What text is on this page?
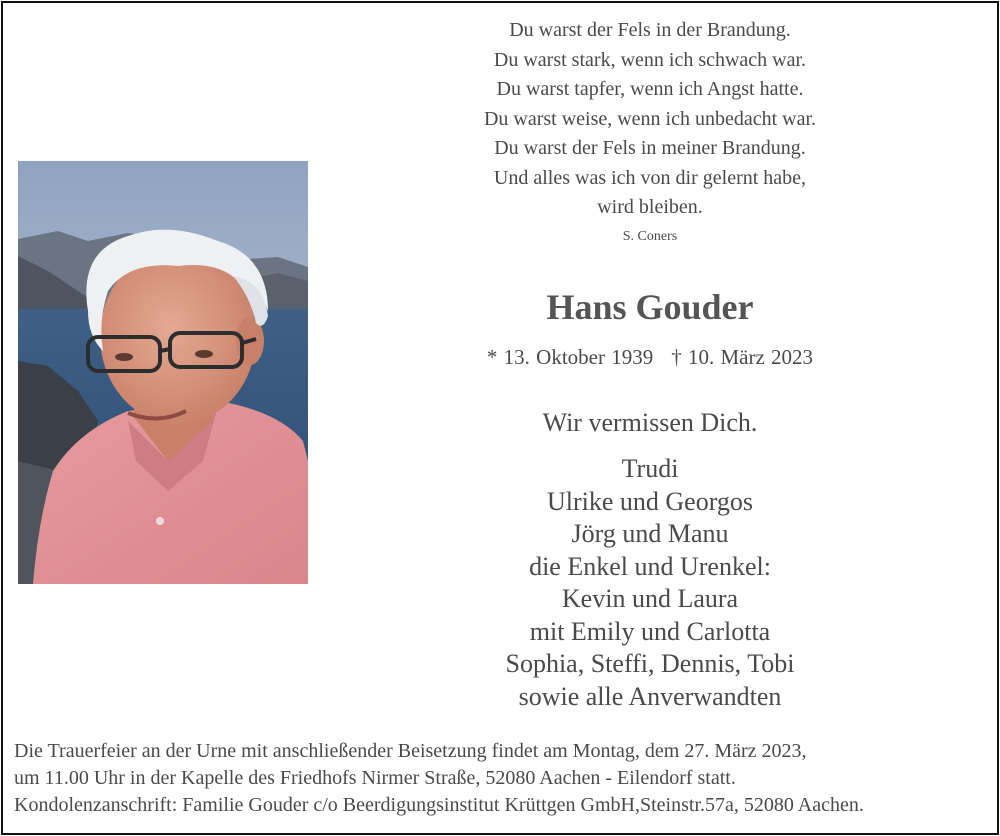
Du warst der Fels in der Brandung.
Du warst stark, wenn ich schwach war.
Du warst tapfer, wenn ich Angst hatte.
Du warst weise, wenn ich unbedacht war.
Du warst der Fels in meiner Brandung.
Und alles was ich von dir gelernt habe,
wird bleiben.
S. Coners
Hans Gouder
* 13. Oktober 1939 † 10. März 2023
Wir vermissen Dich.
Trudi
Ulrike und Georgos
Jörg und Manu
die Enkel und Urenkel:
Kevin und Laura
mit Emily und Carlotta
Sophia, Steffi, Dennis, Tobi
sowie alle Anverwandten
Die Trauerfeier an der Urne mit anschließender Beisetzung findet am Montag, dem 27. März 2023,
um 11.00 Uhr in der Kapelle des Friedhofs Nirmer Straße, 52080 Aachen - Eilendorf statt.
Kondolenzanschrift: Familie Gouder c/o Beerdigungsinstitut Krüttgen GmbH,Steinstr.57a, 52080 Aachen.
